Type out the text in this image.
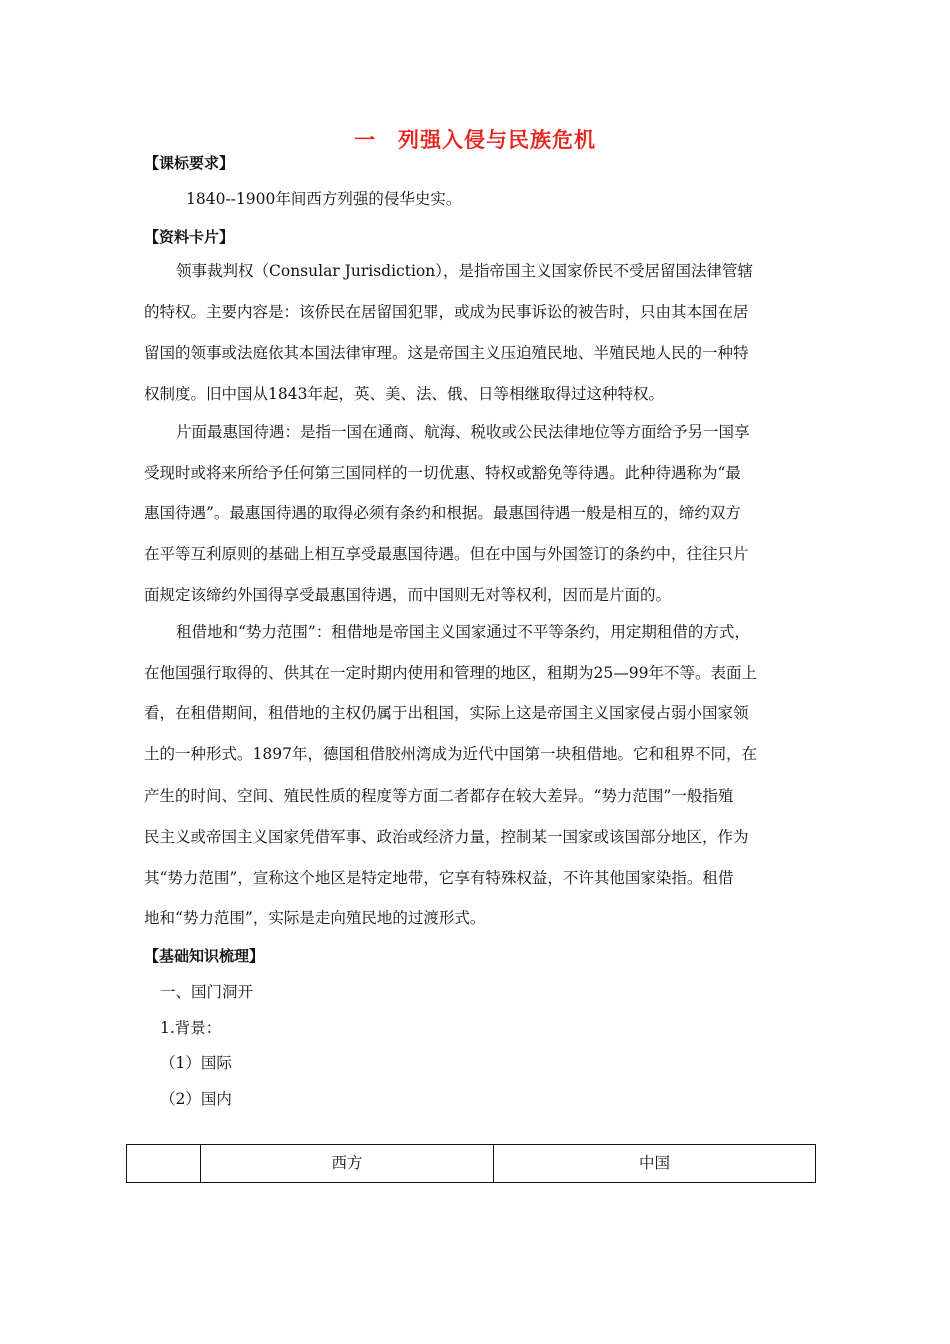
一 列强入侵与民族危机
【课标要求】
1840--1900年间西方列强的侵华史实。
【资料卡片】
领事裁判权（Consular Jurisdiction），是指帝国主义国家侨民不受居留国法律管辖
的特权。主要内容是：该侨民在居留国犯罪，或成为民事诉讼的被告时，只由其本国在居
留国的领事或法庭依其本国法律审理。这是帝国主义压迫殖民地、半殖民地人民的一种特
权制度。旧中国从1843年起，英、美、法、俄、日等相继取得过这种特权。
片面最惠国待遇：是指一国在通商、航海、税收或公民法律地位等方面给予另一国享
受现时或将来所给予任何第三国同样的一切优惠、特权或豁免等待遇。此种待遇称为“最
惠国待遇”。最惠国待遇的取得必须有条约和根据。最惠国待遇一般是相互的，缔约双方
在平等互利原则的基础上相互享受最惠国待遇。但在中国与外国签订的条约中，往往只片
面规定该缔约外国得享受最惠国待遇，而中国则无对等权利，因而是片面的。
租借地和“势力范围”：租借地是帝国主义国家通过不平等条约，用定期租借的方式，
在他国强行取得的、供其在一定时期内使用和管理的地区，租期为25—99年不等。表面上
看，在租借期间，租借地的主权仍属于出租国，实际上这是帝国主义国家侵占弱小国家领
土的一种形式。1897年，德国租借胶州湾成为近代中国第一块租借地。它和租界不同，在
产生的时间、空间、殖民性质的程度等方面二者都存在较大差异。“势力范围”一般指殖
民主义或帝国主义国家凭借军事、政治或经济力量，控制某一国家或该国部分地区，作为
其“势力范围”，宣称这个地区是特定地带，它享有特殊权益，不许其他国家染指。租借
地和“势力范围”，实际是走向殖民地的过渡形式。
【基础知识梳理】
一、国门洞开
1.背景：
（1）国际
（2）国内
	西方	中国
